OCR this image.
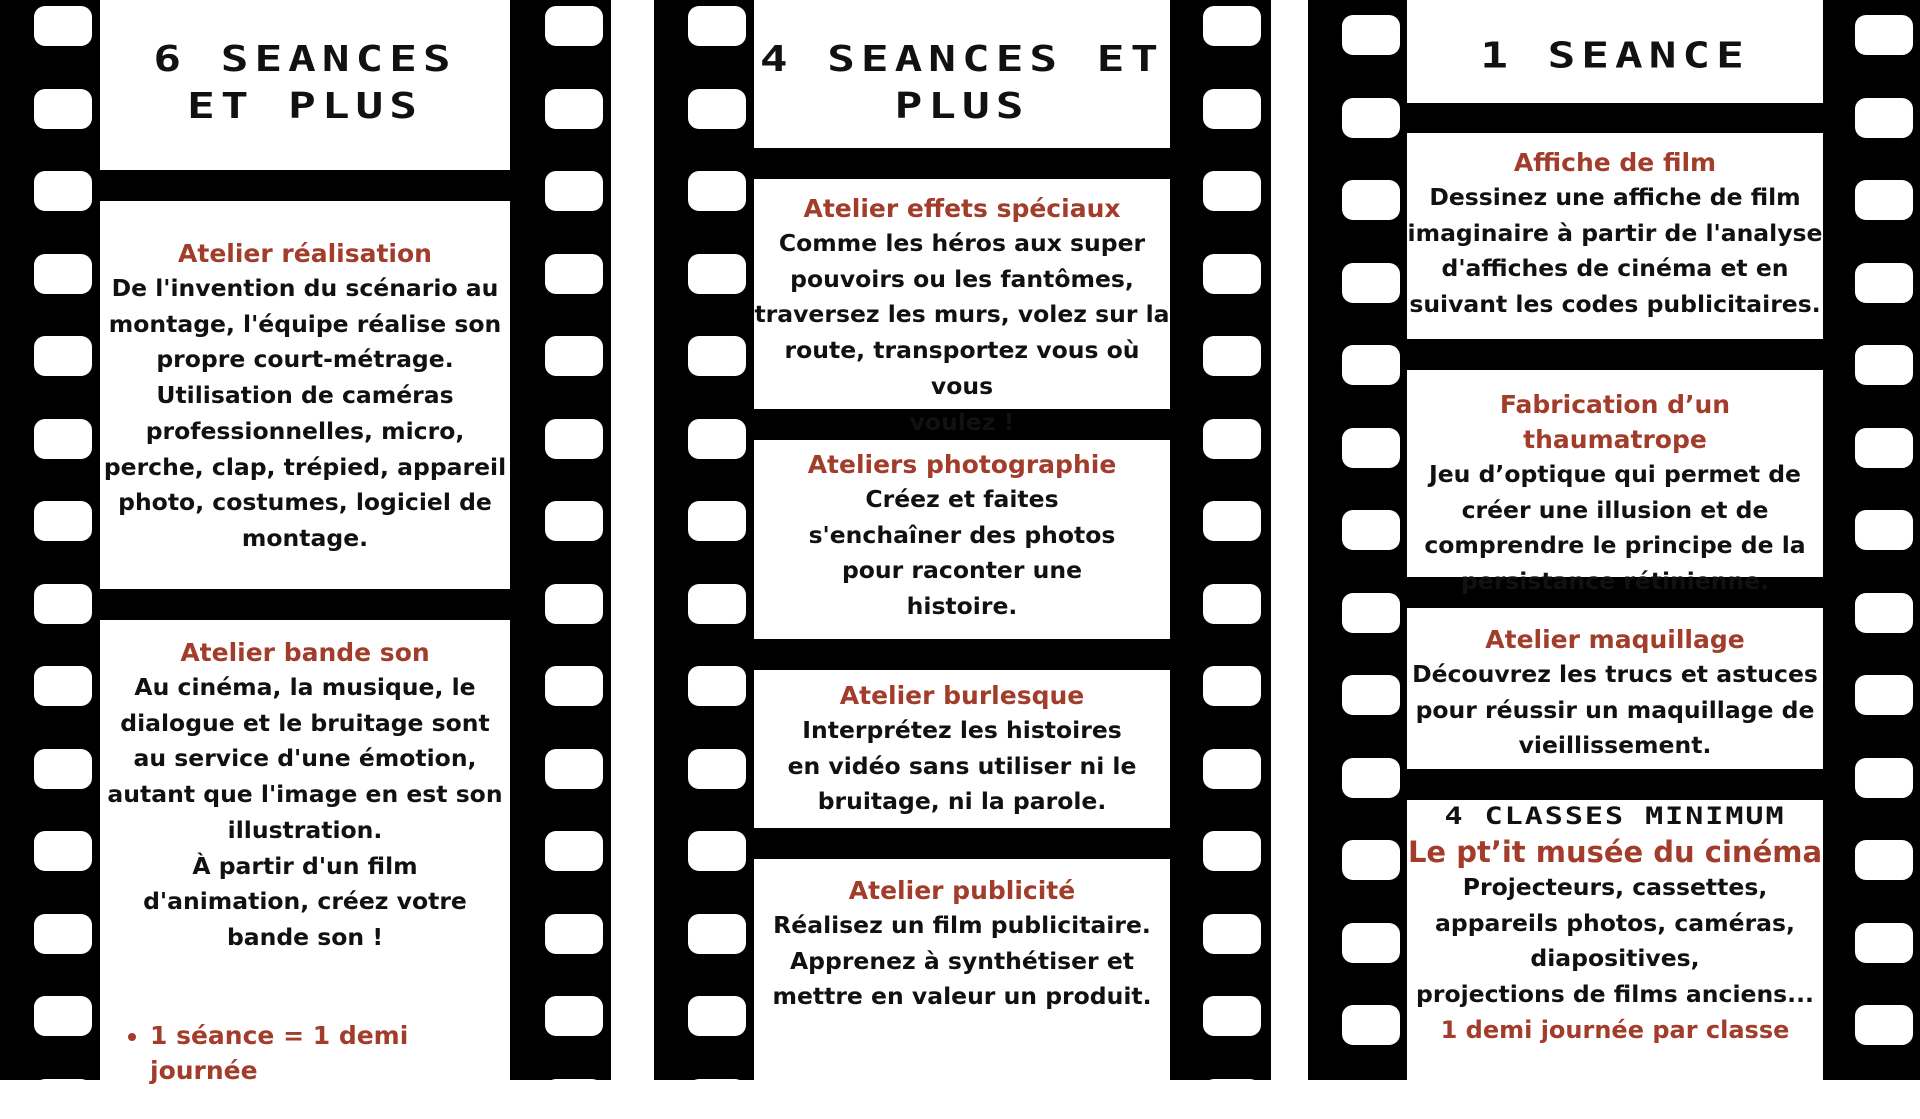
6 SEANCES
ET PLUS
Atelier réalisation
De l'invention du scénario au
montage, l'équipe réalise son
propre court-métrage.
Utilisation de caméras
professionnelles, micro,
perche, clap, trépied, appareil
photo, costumes, logiciel de
montage.
Atelier bande son
Au cinéma, la musique, le
dialogue et le bruitage sont
au service d'une émotion,
autant que l'image en est son
illustration.
À partir d'un film
d'animation, créez votre
bande son !
• 1 séance = 1 demi journée
4 SEANCES ET
PLUS
Atelier effets spéciaux
Comme les héros aux super
pouvoirs ou les fantômes,
traversez les murs, volez sur la
route, transportez vous où vous
voulez !
Ateliers photographie
Créez et faites
s'enchaîner des photos
pour raconter une
histoire.
Atelier burlesque
Interprétez les histoires
en vidéo sans utiliser ni le
bruitage, ni la parole.
Atelier publicité
Réalisez un film publicitaire.
Apprenez à synthétiser et
mettre en valeur un produit.
1 SEANCE
Affiche de film
Dessinez une affiche de film
imaginaire à partir de l'analyse
d'affiches de cinéma et en
suivant les codes publicitaires.
Fabrication d’un thaumatrope
Jeu d’optique qui permet de
créer une illusion et de
comprendre le principe de la
persistance rétinienne.
Atelier maquillage
Découvrez les trucs et astuces
pour réussir un maquillage de
vieillissement.
4 CLASSES MINIMUM
Le pt’it musée du cinéma
Projecteurs, cassettes,
appareils photos, caméras,
diapositives,
projections de films anciens...
1 demi journée par classe
